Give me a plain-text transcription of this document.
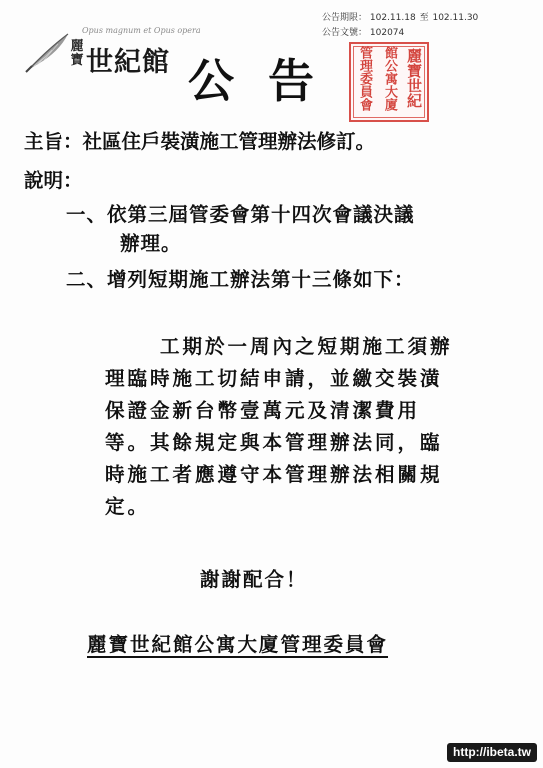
Opus magnum et Opus opera
麗寶 世紀館
公告期限： 102.11.18 至 102.11.30
公告文號： 102074
公告	麗寶世紀
館公寓大廈
管理委員會
主旨：社區住戶裝潢施工管理辦法修訂。
說明：
一、依第三屆管委會第十四次會議決議
辦理。
二、增列短期施工辦法第十三條如下：
工期於一周內之短期施工須辦
理臨時施工切結申請，並繳交裝潢
保證金新台幣壹萬元及清潔費用
等。其餘規定與本管理辦法同，臨
時施工者應遵守本管理辦法相關規
定。
謝謝配合！
麗寶世紀館公寓大廈管理委員會
http://ibeta.tw
